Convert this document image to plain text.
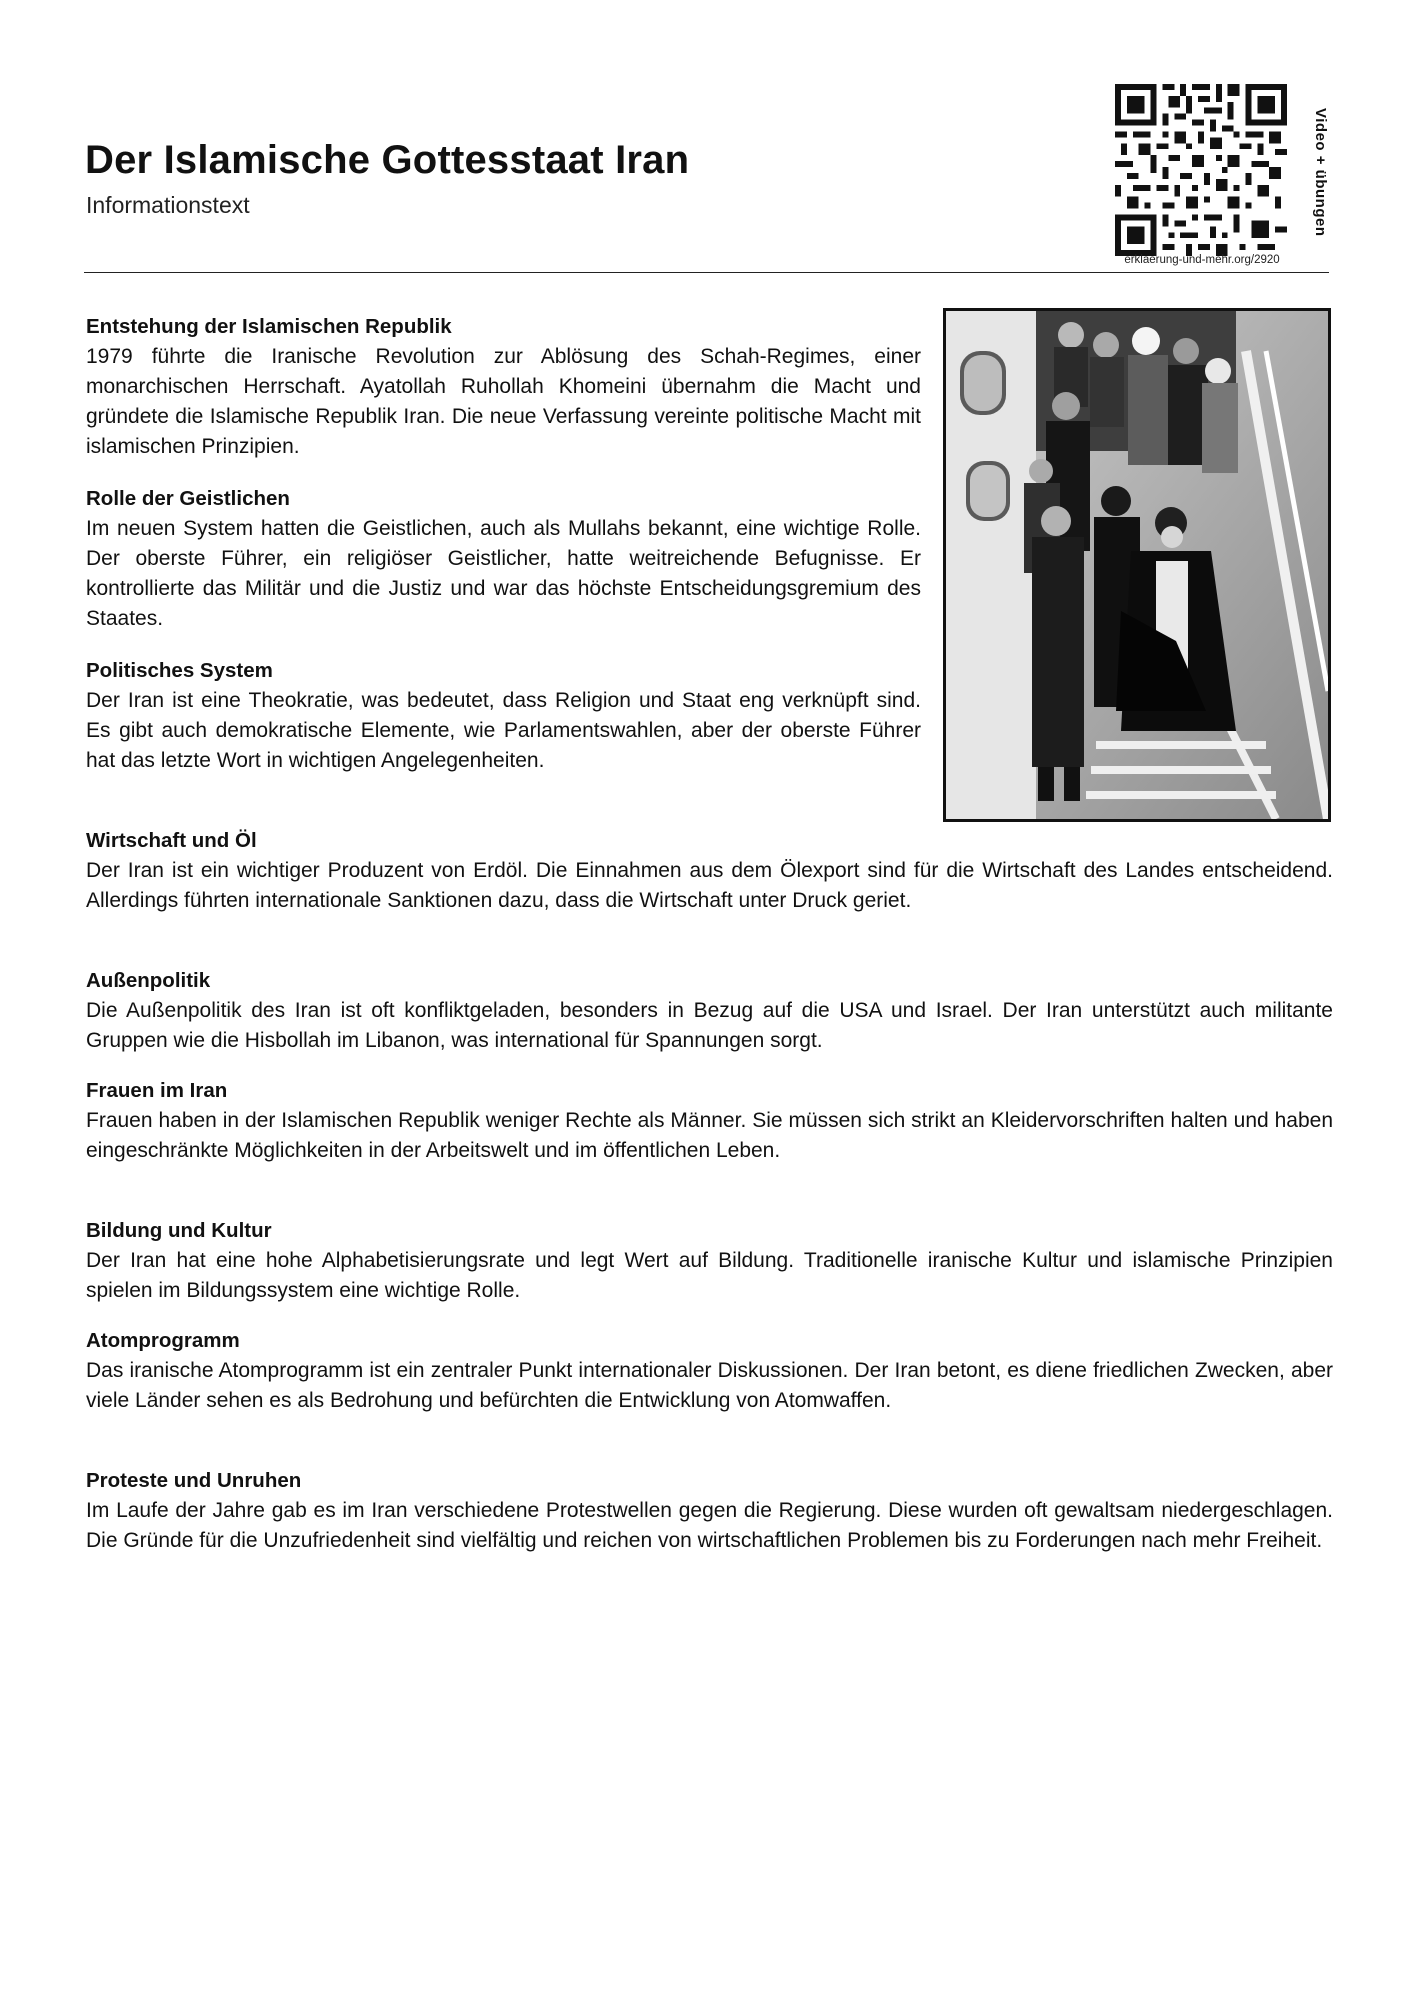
Der Islamische Gottesstaat Iran
Informationstext
erklaerung-und-mehr.org/2920
Video + übungen
Entstehung der Islamischen Republik
1979 führte die Iranische Revolution zur Ablösung des Schah-Regimes, einer monarchischen Herrschaft. Ayatollah Ruhollah Khomeini übernahm die Macht und gründete die Islamische Republik Iran. Die neue Verfassung vereinte politische Macht mit islamischen Prinzipien.
Rolle der Geistlichen
Im neuen System hatten die Geistlichen, auch als Mullahs bekannt, eine wichtige Rolle. Der oberste Führer, ein religiöser Geistlicher, hatte weitreichende Befugnisse. Er kontrollierte das Militär und die Justiz und war das höchste Entscheidungsgremium des Staates.
Politisches System
Der Iran ist eine Theokratie, was bedeutet, dass Religion und Staat eng verknüpft sind. Es gibt auch demokratische Elemente, wie Parlamentswahlen, aber der oberste Führer hat das letzte Wort in wichtigen Angelegenheiten.
Wirtschaft und Öl
Der Iran ist ein wichtiger Produzent von Erdöl. Die Einnahmen aus dem Ölexport sind für die Wirtschaft des Landes entscheidend. Allerdings führten internationale Sanktionen dazu, dass die Wirtschaft unter Druck geriet.
Außenpolitik
Die Außenpolitik des Iran ist oft konfliktgeladen, besonders in Bezug auf die USA und Israel. Der Iran unterstützt auch militante Gruppen wie die Hisbollah im Libanon, was international für Spannungen sorgt.
Frauen im Iran
Frauen haben in der Islamischen Republik weniger Rechte als Männer. Sie müssen sich strikt an Kleidervorschriften halten und haben eingeschränkte Möglichkeiten in der Arbeitswelt und im öffentlichen Leben.
Bildung und Kultur
Der Iran hat eine hohe Alphabetisierungsrate und legt Wert auf Bildung. Traditionelle iranische Kultur und islamische Prinzipien spielen im Bildungssystem eine wichtige Rolle.
Atomprogramm
Das iranische Atomprogramm ist ein zentraler Punkt internationaler Diskussionen. Der Iran betont, es diene friedlichen Zwecken, aber viele Länder sehen es als Bedrohung und befürchten die Entwicklung von Atomwaffen.
Proteste und Unruhen
Im Laufe der Jahre gab es im Iran verschiedene Protestwellen gegen die Regierung. Diese wurden oft gewaltsam niedergeschlagen. Die Gründe für die Unzufriedenheit sind vielfältig und reichen von wirtschaftlichen Problemen bis zu Forderungen nach mehr Freiheit.
